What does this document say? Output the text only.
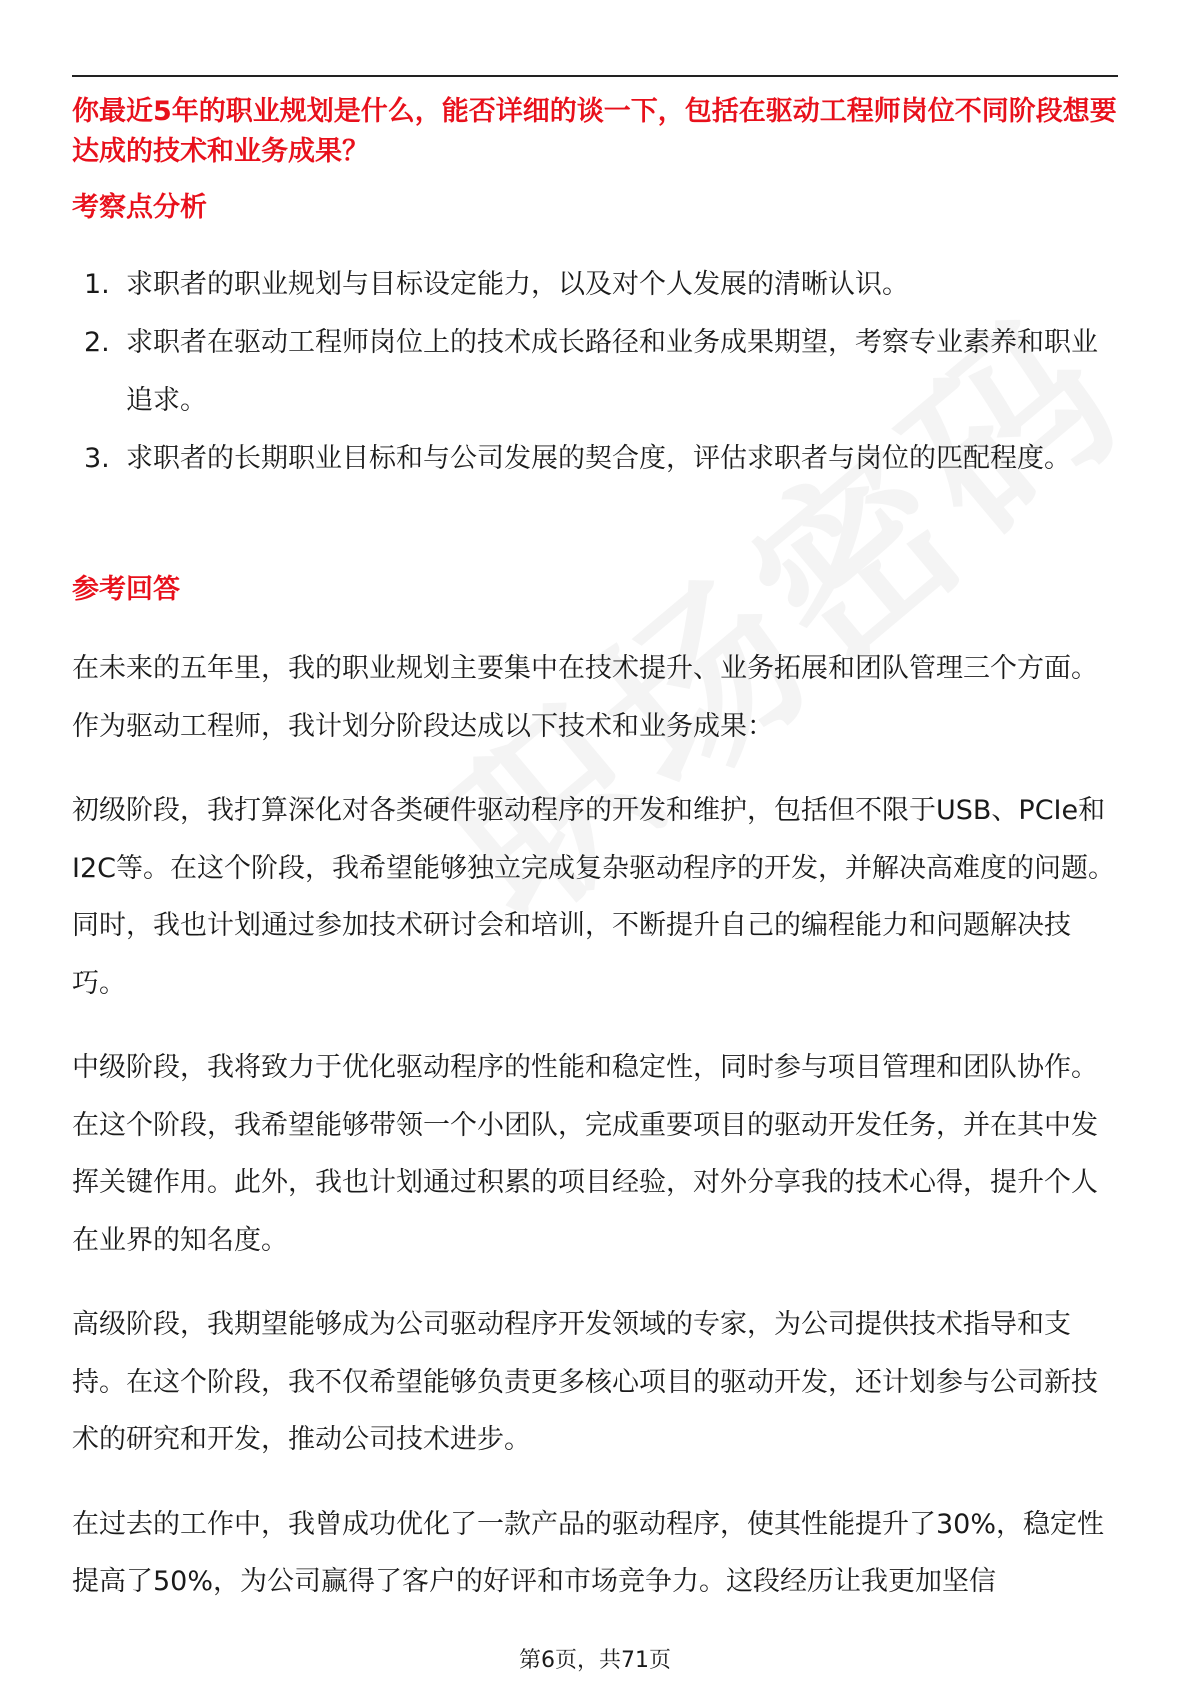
你最近5年的职业规划是什么，能否详细的谈一下，包括在驱动工程师岗位不同阶段想要达成的技术和业务成果？
考察点分析
1. 求职者的职业规划与目标设定能力，以及对个人发展的清晰认识。
2. 求职者在驱动工程师岗位上的技术成长路径和业务成果期望，考察专业素养和职业追求。
3. 求职者的长期职业目标和与公司发展的契合度，评估求职者与岗位的匹配程度。
参考回答

在未来的五年里，我的职业规划主要集中在技术提升、业务拓展和团队管理三个方面。作为驱动工程师，我计划分阶段达成以下技术和业务成果：

初级阶段，我打算深化对各类硬件驱动程序的开发和维护，包括但不限于USB、PCIe和I2C等。在这个阶段，我希望能够独立完成复杂驱动程序的开发，并解决高难度的问题。同时，我也计划通过参加技术研讨会和培训，不断提升自己的编程能力和问题解决技巧。

中级阶段，我将致力于优化驱动程序的性能和稳定性，同时参与项目管理和团队协作。在这个阶段，我希望能够带领一个小团队，完成重要项目的驱动开发任务，并在其中发挥关键作用。此外，我也计划通过积累的项目经验，对外分享我的技术心得，提升个人在业界的知名度。

高级阶段，我期望能够成为公司驱动程序开发领域的专家，为公司提供技术指导和支持。在这个阶段，我不仅希望能够负责更多核心项目的驱动开发，还计划参与公司新技术的研究和开发，推动公司技术进步。

在过去的工作中，我曾成功优化了一款产品的驱动程序，使其性能提升了30%，稳定性提高了50%，为公司赢得了客户的好评和市场竞争力。这段经历让我更加坚信

第6页，共71页
